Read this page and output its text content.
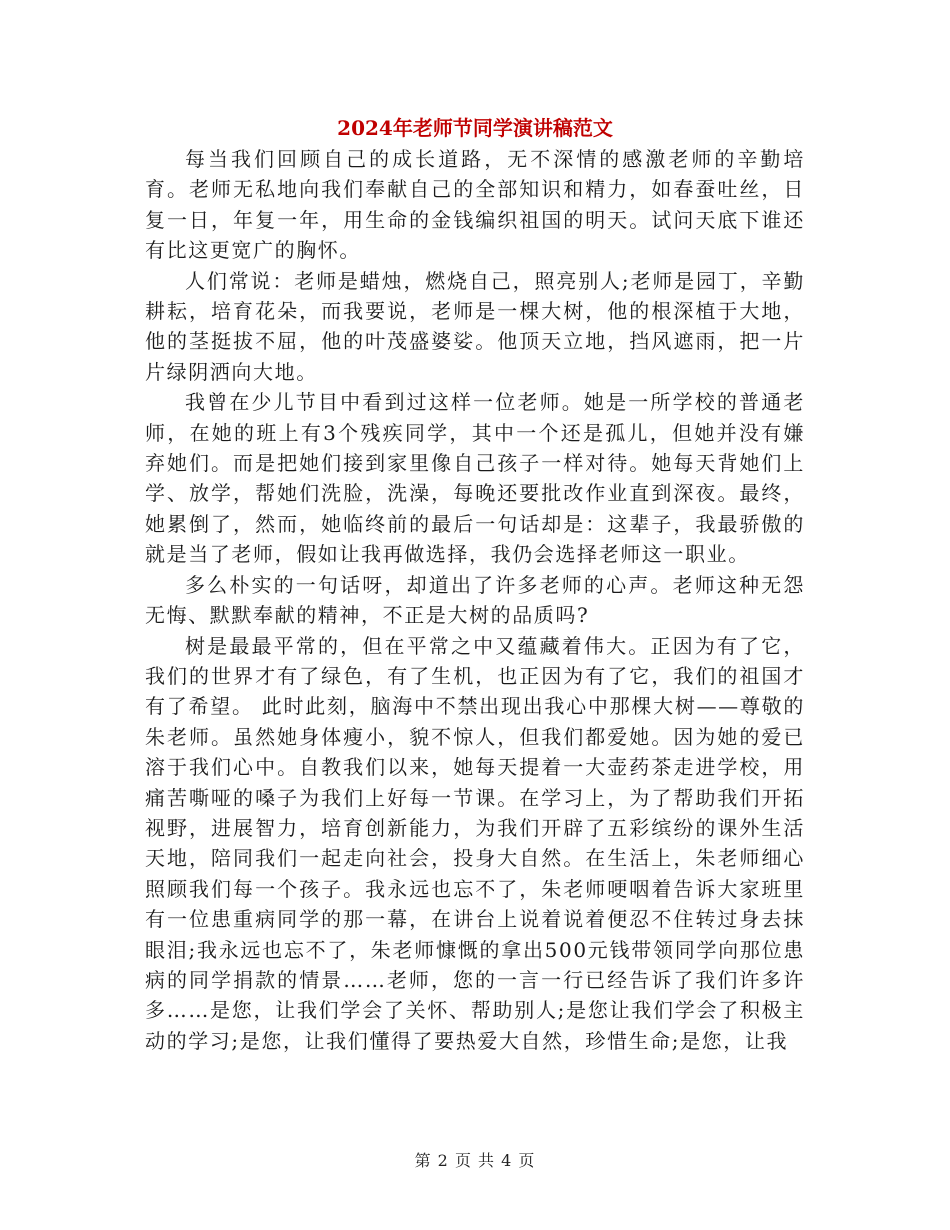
2024年老师节同学演讲稿范文

每当我们回顾自己的成长道路，无不深情的感激老师的辛勤培育。老师无私地向我们奉献自己的全部知识和精力，如春蚕吐丝，日复一日，年复一年，用生命的金钱编织祖国的明天。试问天底下谁还有比这更宽广的胸怀。

人们常说：老师是蜡烛，燃烧自己，照亮别人;老师是园丁，辛勤耕耘，培育花朵，而我要说，老师是一棵大树，他的根深植于大地，他的茎挺拔不屈，他的叶茂盛婆娑。他顶天立地，挡风遮雨，把一片片绿阴洒向大地。

我曾在少儿节目中看到过这样一位老师。她是一所学校的普通老师，在她的班上有3个残疾同学，其中一个还是孤儿，但她并没有嫌弃她们。而是把她们接到家里像自己孩子一样对待。她每天背她们上学、放学，帮她们洗脸，洗澡，每晚还要批改作业直到深夜。最终，她累倒了，然而，她临终前的最后一句话却是：这辈子，我最骄傲的就是当了老师，假如让我再做选择，我仍会选择老师这一职业。

多么朴实的一句话呀，却道出了许多老师的心声。老师这种无怨无悔、默默奉献的精神，不正是大树的品质吗?

树是最最平常的，但在平常之中又蕴藏着伟大。正因为有了它，我们的世界才有了绿色，有了生机，也正因为有了它，我们的祖国才有了希望。 此时此刻，脑海中不禁出现出我心中那棵大树——尊敬的朱老师。虽然她身体瘦小，貌不惊人，但我们都爱她。因为她的爱已溶于我们心中。自教我们以来，她每天提着一大壶药茶走进学校，用痛苦嘶哑的嗓子为我们上好每一节课。在学习上，为了帮助我们开拓视野，进展智力，培育创新能力，为我们开辟了五彩缤纷的课外生活天地，陪同我们一起走向社会，投身大自然。在生活上，朱老师细心照顾我们每一个孩子。我永远也忘不了，朱老师哽咽着告诉大家班里有一位患重病同学的那一幕，在讲台上说着说着便忍不住转过身去抹眼泪;我永远也忘不了，朱老师慷慨的拿出500元钱带领同学向那位患病的同学捐款的情景……老师，您的一言一行已经告诉了我们许多许多……是您，让我们学会了关怀、帮助别人;是您让我们学会了积极主动的学习;是您，让我们懂得了要热爱大自然，珍惜生命;是您，让我

第 2 页 共 4 页
